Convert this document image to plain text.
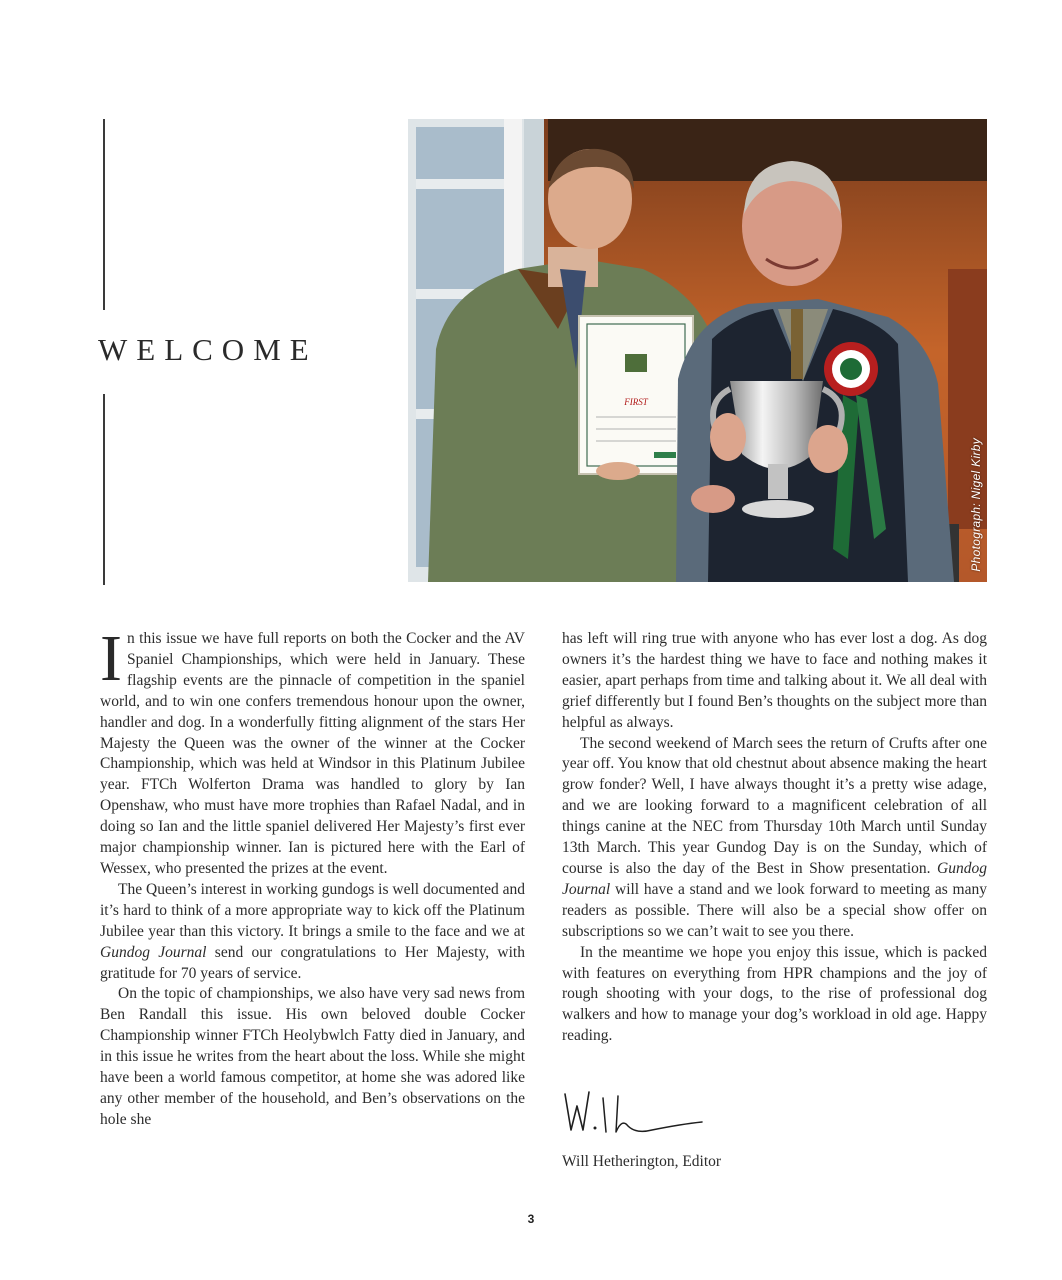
WELCOME
FIRST
Photograph: Nigel Kirby

In this issue we have full reports on both the Cocker and the AV Spaniel Championships, which were held in January. These flagship events are the pinnacle of competition in the spaniel world, and to win one confers tremendous honour upon the owner, handler and dog. In a wonderfully fitting alignment of the stars Her Majesty the Queen was the owner of the winner at the Cocker Championship, which was held at Windsor in this Platinum Jubilee year. FTCh Wolferton Drama was handled to glory by Ian Openshaw, who must have more trophies than Rafael Nadal, and in doing so Ian and the little spaniel delivered Her Majesty’s first ever major championship winner. Ian is pictured here with the Earl of Wessex, who presented the prizes at the event.

The Queen’s interest in working gundogs is well documented and it’s hard to think of a more appropriate way to kick off the Platinum Jubilee year than this victory. It brings a smile to the face and we at Gundog Journal send our congratulations to Her Majesty, with gratitude for 70 years of service.

On the topic of championships, we also have very sad news from Ben Randall this issue. His own beloved double Cocker Championship winner FTCh Heolybwlch Fatty died in January, and in this issue he writes from the heart about the loss. While she might have been a world famous competitor, at home she was adored like any other member of the household, and Ben’s observations on the hole she

has left will ring true with anyone who has ever lost a dog. As dog owners it’s the hardest thing we have to face and nothing makes it easier, apart perhaps from time and talking about it. We all deal with grief differently but I found Ben’s thoughts on the subject more than helpful as always.

The second weekend of March sees the return of Crufts after one year off. You know that old chestnut about absence making the heart grow fonder? Well, I have always thought it’s a pretty wise adage, and we are looking forward to a magnificent celebration of all things canine at the NEC from Thursday 10th March until Sunday 13th March. This year Gundog Day is on the Sunday, which of course is also the day of the Best in Show presentation. Gundog Journal will have a stand and we look forward to meeting as many readers as possible. There will also be a special show offer on subscriptions so we can’t wait to see you there.

In the meantime we hope you enjoy this issue, which is packed with features on everything from HPR champions and the joy of rough shooting with your dogs, to the rise of professional dog walkers and how to manage your dog’s workload in old age. Happy reading.

Will Hetherington, Editor

3
